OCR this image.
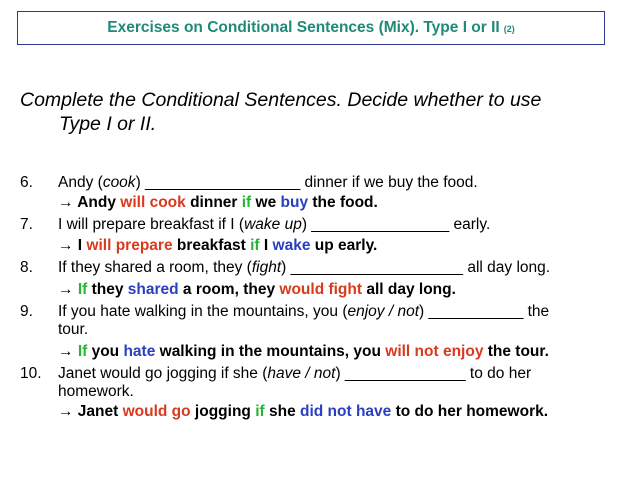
Exercises on Conditional Sentences (Mix). Type I or II (2)
Complete the Conditional Sentences. Decide whether to use
Type I or II.
6. Andy (cook) __________________ dinner if we buy the food.
→ Andy will cook dinner if we buy the food.
7. I will prepare breakfast if I (wake up) ________________ early.
→ I will prepare breakfast if I wake up early.
8. If they shared a room, they (fight) ____________________ all day long.
→ If they shared a room, they would fight all day long.
9. If you hate walking in the mountains, you (enjoy / not) ___________ the
tour.
→ If you hate walking in the mountains, you will not enjoy the tour.
10. Janet would go jogging if she (have / not) ______________ to do her
homework.
→ Janet would go jogging if she did not have to do her homework.
